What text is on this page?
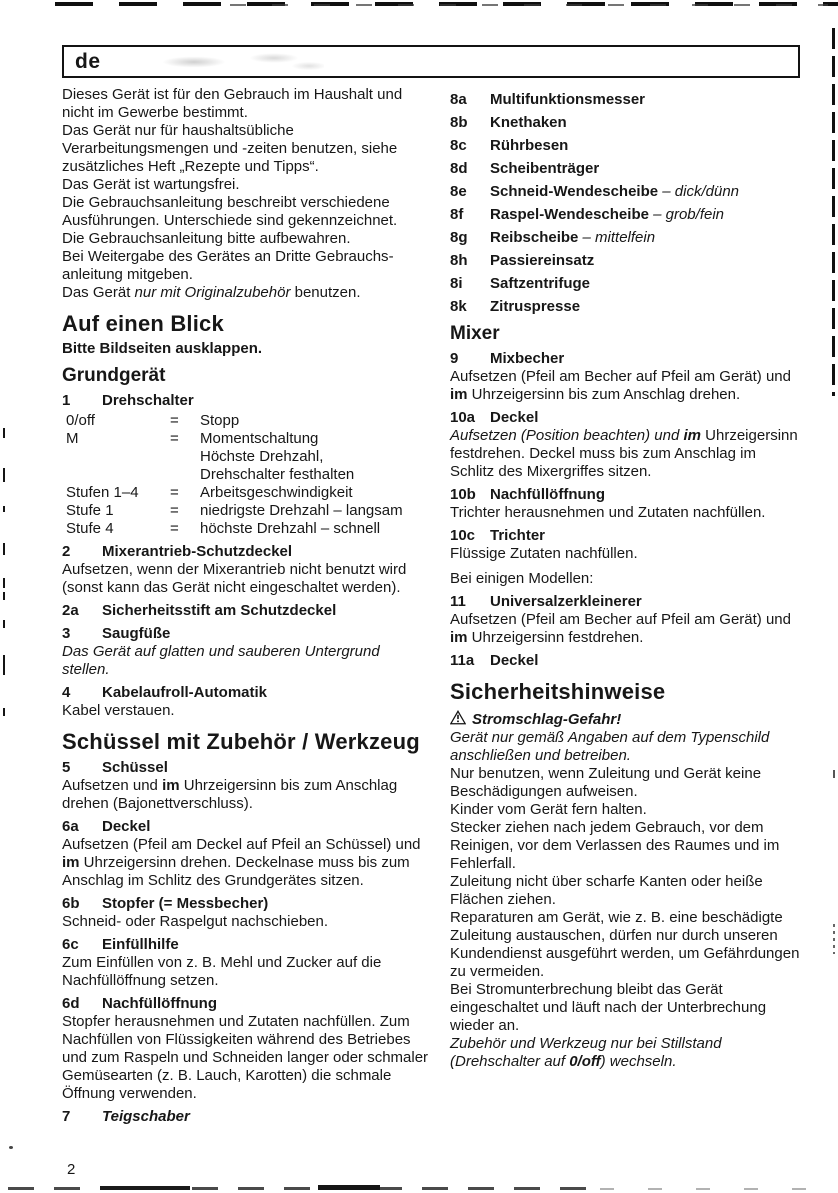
de
Dieses Gerät ist für den Gebrauch im Haushalt und nicht im Gewerbe bestimmt.
Das Gerät nur für haushaltsübliche Verarbeitungsmengen und -zeiten benutzen, siehe zusätzliches Heft „Rezepte und Tipps“.
Das Gerät ist wartungsfrei.
Die Gebrauchsanleitung beschreibt verschiedene Ausführungen. Unterschiede sind gekennzeichnet.
Die Gebrauchsanleitung bitte aufbewahren.
Bei Weitergabe des Gerätes an Dritte Gebrauchsanleitung mitgeben.
Das Gerät nur mit Originalzubehör benutzen.
Auf einen Blick
Bitte Bildseiten ausklappen.
Grundgerät
1	Drehschalter
0/off	=	Stopp
M	=	Momentschaltung
Höchste Drehzahl,
Drehschalter festhalten
Stufen 1–4	=	Arbeitsgeschwindigkeit
Stufe 1	=	niedrigste Drehzahl – langsam
Stufe 4	=	höchste Drehzahl – schnell
2	Mixerantrieb-Schutzdeckel
Aufsetzen, wenn der Mixerantrieb nicht benutzt wird (sonst kann das Gerät nicht eingeschaltet werden).
2a	Sicherheitsstift am Schutzdeckel
3	Saugfüße
Das Gerät auf glatten und sauberen Untergrund stellen.
4	Kabelaufroll-Automatik
Kabel verstauen.
Schüssel mit Zubehör / Werkzeug
5	Schüssel
Aufsetzen und im Uhrzeigersinn bis zum Anschlag drehen (Bajonettverschluss).
6a	Deckel
Aufsetzen (Pfeil am Deckel auf Pfeil an Schüssel) und im Uhrzeigersinn drehen. Deckelnase muss bis zum Anschlag im Schlitz des Grundgerätes sitzen.
6b	Stopfer (= Messbecher)
Schneid- oder Raspelgut nachschieben.
6c	Einfüllhilfe
Zum Einfüllen von z. B. Mehl und Zucker auf die Nachfüllöffnung setzen.
6d	Nachfüllöffnung
Stopfer herausnehmen und Zutaten nachfüllen. Zum Nachfüllen von Flüssigkeiten während des Betriebes und zum Raspeln und Schneiden langer oder schmaler Gemüsearten (z. B. Lauch, Karotten) die schmale Öffnung verwenden.
7	Teigschaber
8a	Multifunktionsmesser
8b	Knethaken
8c	Rührbesen
8d	Scheibenträger
8e	Schneid-Wendescheibe – dick/dünn
8f	Raspel-Wendescheibe – grob/fein
8g	Reibscheibe – mittelfein
8h	Passiereinsatz
8i	Saftzentrifuge
8k	Zitruspresse
Mixer
9	Mixbecher
Aufsetzen (Pfeil am Becher auf Pfeil am Gerät) und im Uhrzeigersinn bis zum Anschlag drehen.
10a Deckel
Aufsetzen (Position beachten) und im Uhrzeigersinn festdrehen. Deckel muss bis zum Anschlag im Schlitz des Mixergriffes sitzen.
10b Nachfüllöffnung
Trichter herausnehmen und Zutaten nachfüllen.
10c Trichter
Flüssige Zutaten nachfüllen.
Bei einigen Modellen:
11	Universalzerkleinerer
Aufsetzen (Pfeil am Becher auf Pfeil am Gerät) und im Uhrzeigersinn festdrehen.
11a	Deckel
Sicherheitshinweise
Stromschlag-Gefahr!
Gerät nur gemäß Angaben auf dem Typenschild anschließen und betreiben.
Nur benutzen, wenn Zuleitung und Gerät keine Beschädigungen aufweisen.
Kinder vom Gerät fern halten.
Stecker ziehen nach jedem Gebrauch, vor dem Reinigen, vor dem Verlassen des Raumes und im Fehlerfall.
Zuleitung nicht über scharfe Kanten oder heiße Flächen ziehen.
Reparaturen am Gerät, wie z. B. eine beschädigte Zuleitung austauschen, dürfen nur durch unseren Kundendienst ausgeführt werden, um Gefährdungen zu vermeiden.
Bei Stromunterbrechung bleibt das Gerät eingeschaltet und läuft nach der Unterbrechung wieder an.
Zubehör und Werkzeug nur bei Stillstand (Drehschalter auf 0/off) wechseln.
2
